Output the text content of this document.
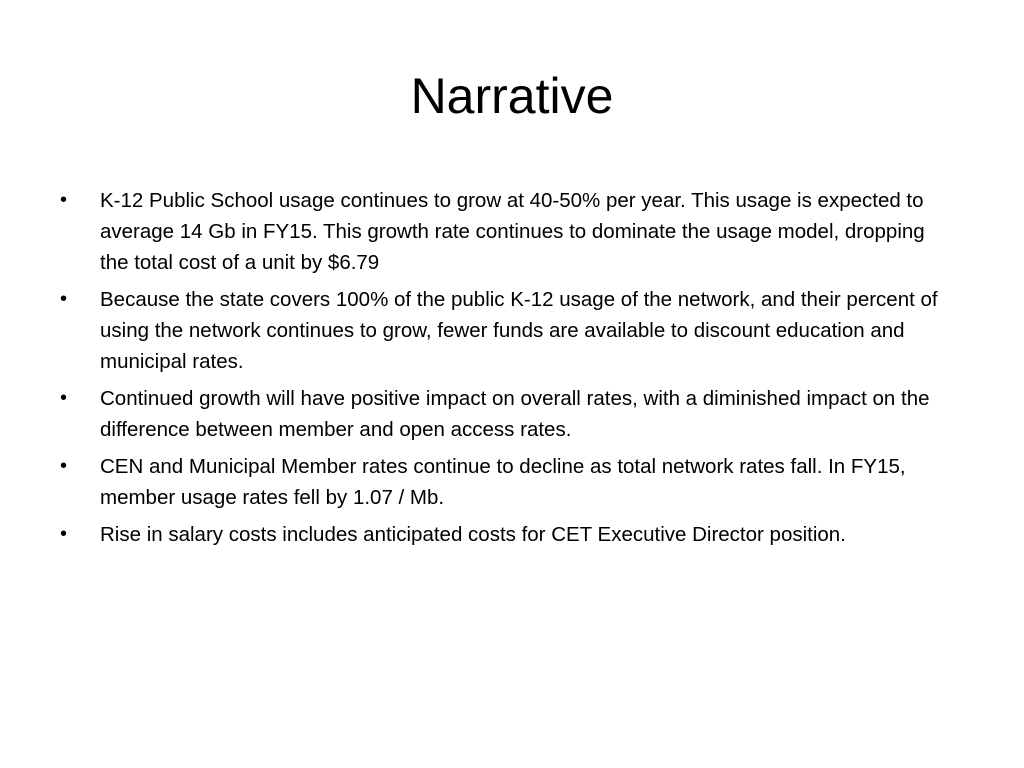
Narrative
• K-12 Public School usage continues to grow at 40-50% per year. This usage is expected to average 14 Gb in FY15. This growth rate continues to dominate the usage model, dropping the total cost of a unit by $6.79
• Because the state covers 100% of the public K-12 usage of the network, and their percent of using the network continues to grow, fewer funds are available to discount education and municipal rates.
• Continued growth will have positive impact on overall rates, with a diminished impact on the difference between member and open access rates.
• CEN and Municipal Member rates continue to decline as total network rates fall. In FY15, member usage rates fell by 1.07 / Mb.
• Rise in salary costs includes anticipated costs for CET Executive Director position.
